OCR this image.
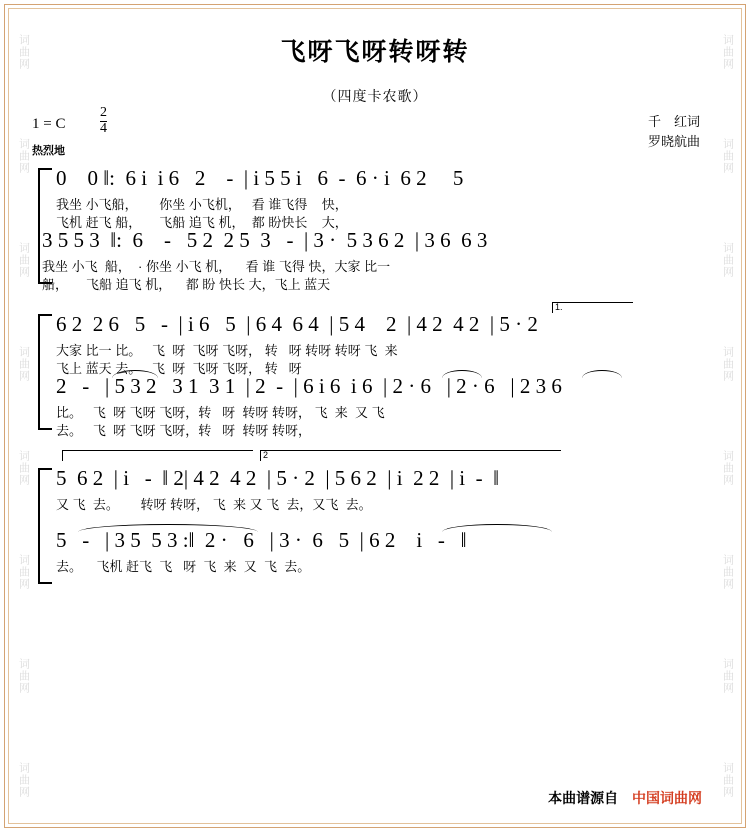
词曲网
词曲网
词曲网
词曲网
词曲网
词曲网
词曲网
词曲网
词曲网
词曲网
词曲网
词曲网
词曲网
词曲网
词曲网
词曲网
飞呀飞呀转呀转
（四度卡农歌）
1 = C $\frac{2}{4}$
热烈地
千　红词
罗晓航曲
0    0 ‖:  6 i  i 6   2    -  | i 5 5 i   6  -  6 · i  6 2     5
我坐 小飞船，      你坐 小飞机，   看 谁飞得    快，
飞机 赶飞 船，     飞船 追飞 机，  都 盼快长    大，
3 5 5 3  ‖:  6    -   5 2  2 5  3   -  | 3 ·  5 3 6 2  | 3 6  6 3
我坐 小飞  船，  · 你坐 小飞 机，    看 谁 飞得 快，大家 比一
船，     飞船 追飞 机，    都 盼 快长 大，飞上 蓝天
1.
6 2  2 6   5   -  | i 6   5  | 6 4  6 4  | 5 4    2  | 4 2  4 2  | 5 · 2
大家 比一 比。   飞  呀  飞呀 飞呀， 转   呀 转呀 转呀 飞  来
飞上 蓝天 去。   飞  呀  飞呀 飞呀， 转   呀
2   -   | 5 3 2   3 1  3 1  | 2  -  | 6 i 6  i 6  | 2 · 6   | 2 · 6   | 2 3 6
比。   飞  呀 飞呀 飞呀，转   呀  转呀 转呀， 飞  来  又 飞
去。   飞  呀 飞呀 飞呀，转   呀  转呀 转呀，
2
5  6 2  | i   -  ‖ 2| 4 2  4 2  | 5 · 2  | 5 6 2  | i  2 2  | i  -  ‖
又 飞  去。      转呀 转呀， 飞  来 又 飞  去，又飞  去。
5   -   | 3 5  5 3 :‖  2 ·   6   | 3 ·  6   5  | 6 2    i   -   ‖
去。    飞机 赶飞  飞   呀  飞  来  又  飞  去。
本曲谱源自 中国词曲网
